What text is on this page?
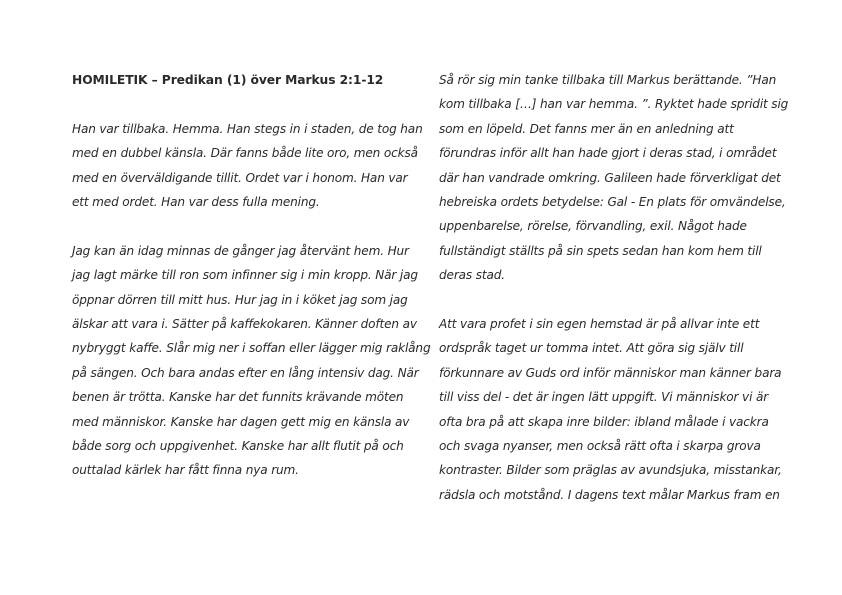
HOMILETIK – Predikan (1) över Markus 2:1-12

Han var tillbaka. Hemma. Han stegs in i staden, de tog han
med en dubbel känsla. Där fanns både lite oro, men också
med en överväldigande tillit. Ordet var i honom. Han var
ett med ordet. Han var dess fulla mening.

Jag kan än idag minnas de gånger jag återvänt hem. Hur
jag lagt märke till ron som infinner sig i min kropp. När jag
öppnar dörren till mitt hus. Hur jag in i köket jag som jag
älskar att vara i. Sätter på kaffekokaren. Känner doften av
nybryggt kaffe. Slår mig ner i soffan eller lägger mig raklång
på sängen. Och bara andas efter en lång intensiv dag. När
benen är trötta. Kanske har det funnits krävande möten
med människor. Kanske har dagen gett mig en känsla av
både sorg och uppgivenhet. Kanske har allt flutit på och
outtalad kärlek har fått finna nya rum.

Så rör sig min tanke tillbaka till Markus berättande. ”Han
kom tillbaka […] han var hemma. ”. Ryktet hade spridit sig
som en löpeld. Det fanns mer än en anledning att
förundras inför allt han hade gjort i deras stad, i området
där han vandrade omkring. Galileen hade förverkligat det
hebreiska ordets betydelse: Gal - En plats för omvändelse,
uppenbarelse, rörelse, förvandling, exil. Något hade
fullständigt ställts på sin spets sedan han kom hem till
deras stad.

Att vara profet i sin egen hemstad är på allvar inte ett
ordspråk taget ur tomma intet. Att göra sig själv till
förkunnare av Guds ord inför människor man känner bara
till viss del - det är ingen lätt uppgift. Vi människor vi är
ofta bra på att skapa inre bilder: ibland målade i vackra
och svaga nyanser, men också rätt ofta i skarpa grova
kontraster. Bilder som präglas av avundsjuka, misstankar,
rädsla och motstånd. I dagens text målar Markus fram en
